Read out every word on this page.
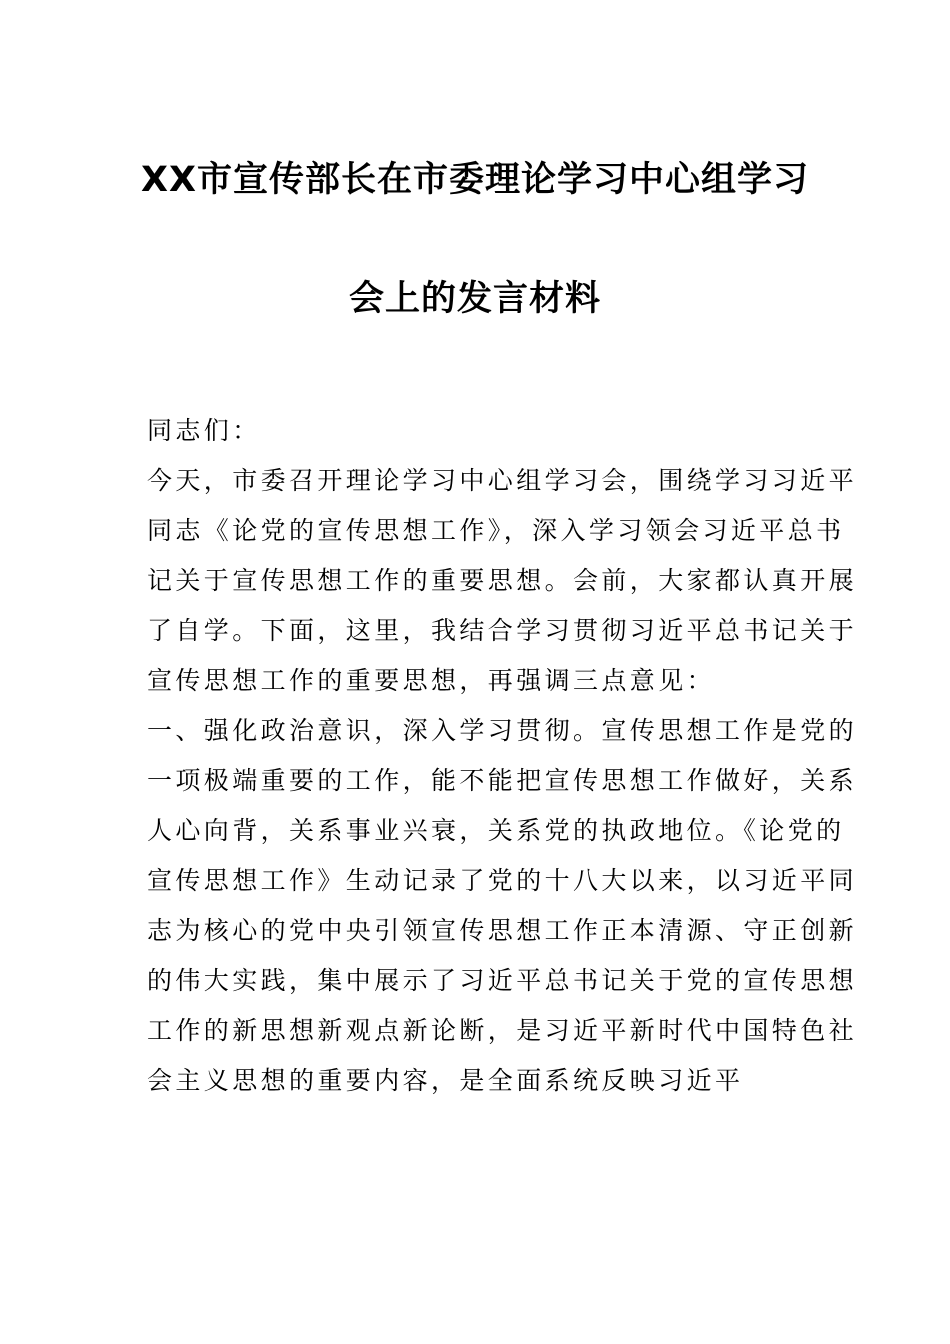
XX市宣传部长在市委理论学习中心组学习
会上的发言材料
同志们：
今天，市委召开理论学习中心组学习会，围绕学习习近平
同志《论党的宣传思想工作》，深入学习领会习近平总书
记关于宣传思想工作的重要思想。会前，大家都认真开展
了自学。下面，这里，我结合学习贯彻习近平总书记关于
宣传思想工作的重要思想，再强调三点意见：
一、强化政治意识，深入学习贯彻。宣传思想工作是党的
一项极端重要的工作，能不能把宣传思想工作做好，关系
人心向背，关系事业兴衰，关系党的执政地位。《论党的
宣传思想工作》生动记录了党的十八大以来，以习近平同
志为核心的党中央引领宣传思想工作正本清源、守正创新
的伟大实践，集中展示了习近平总书记关于党的宣传思想
工作的新思想新观点新论断，是习近平新时代中国特色社
会主义思想的重要内容，是全面系统反映习近平
